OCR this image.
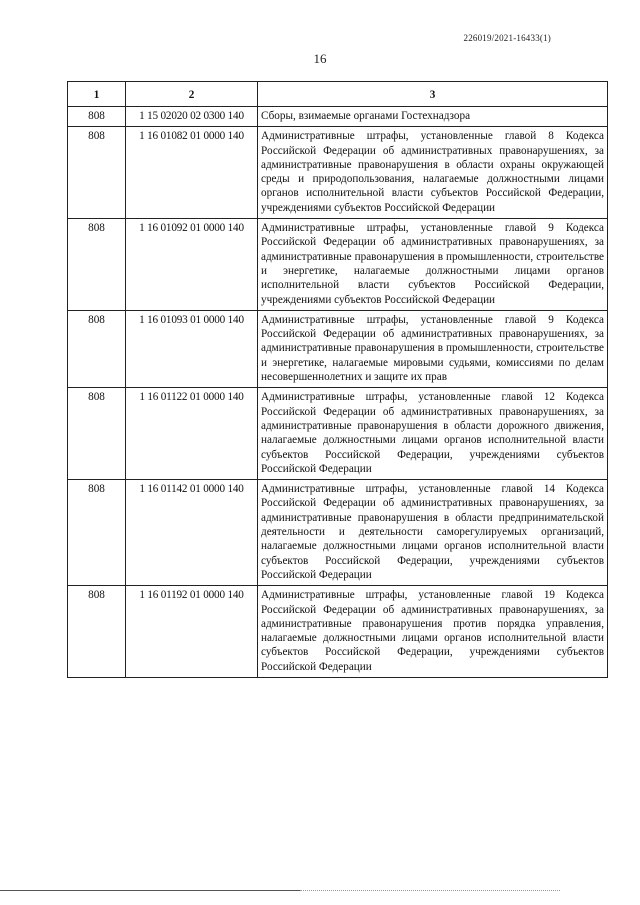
226019/2021-16433(1)
16
1	2	3
808	1 15 02020 02 0300 140	Сборы, взимаемые органами Гостехнадзора
808	1 16 01082 01 0000 140	Административные штрафы, установленные главой 8 Кодекса Российской Федерации об административных правонарушениях, за административные правонарушения в области охраны окружающей среды и природопользования, налагаемые должностными лицами органов исполнительной власти субъектов Российской Федерации, учреждениями субъектов Российской Федерации
808	1 16 01092 01 0000 140	Административные штрафы, установленные главой 9 Кодекса Российской Федерации об административных правонарушениях, за административные правонарушения в промышленности, строительстве и энергетике, налагаемые должностными лицами органов исполнительной власти субъектов Российской Федерации, учреждениями субъектов Российской Федерации
808	1 16 01093 01 0000 140	Административные штрафы, установленные главой 9 Кодекса Российской Федерации об административных правонарушениях, за административные правонарушения в промышленности, строительстве и энергетике, налагаемые мировыми судьями, комиссиями по делам несовершеннолетних и защите их прав
808	1 16 01122 01 0000 140	Административные штрафы, установленные главой 12 Кодекса Российской Федерации об административных правонарушениях, за административные правонарушения в области дорожного движения, налагаемые должностными лицами органов исполнительной власти субъектов Российской Федерации, учреждениями субъектов Российской Федерации
808	1 16 01142 01 0000 140	Административные штрафы, установленные главой 14 Кодекса Российской Федерации об административных правонарушениях, за административные правонарушения в области предпринимательской деятельности и деятельности саморегулируемых организаций, налагаемые должностными лицами органов исполнительной власти субъектов Российской Федерации, учреждениями субъектов Российской Федерации
808	1 16 01192 01 0000 140	Административные штрафы, установленные главой 19 Кодекса Российской Федерации об административных правонарушениях, за административные правонарушения против порядка управления, налагаемые должностными лицами органов исполнительной власти субъектов Российской Федерации, учреждениями субъектов Российской Федерации
